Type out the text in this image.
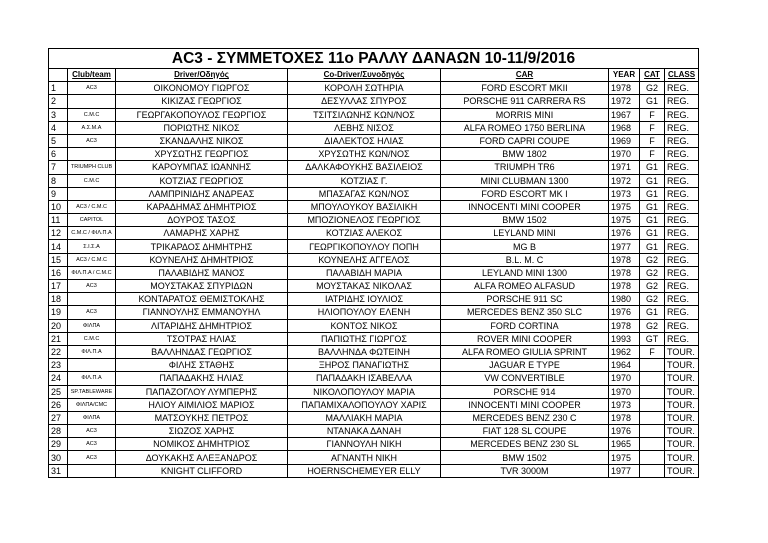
AC3 - ΣΥΜΜΕΤΟΧΕΣ 11ο ΡΑΛΛΥ ΔΑΝΑΩΝ 10-11/9/2016							
	Club/team	Driver/Οδηγός	Co-Driver/Συνοδηγός	CAR	YEAR	CAT	CLASS
1	AC3	ΟΙΚΟΝΟΜΟΥ ΓΙΩΡΓΟΣ	ΚΟΡΟΛΗ ΣΩΤΗΡΙΑ	FORD ESCORT MKII	1978	G2	REG.
2		ΚΙΚΙΖΑΣ ΓΕΩΡΓΙΟΣ	ΔΕΣΥΛΛΑΣ ΣΠΥΡΟΣ	PORSCHE 911 CARRERA RS	1972	G1	REG.
3	C.M.C	ΓΕΩΡΓΑΚΟΠΟΥΛΟΣ ΓΕΩΡΓΙΟΣ	ΤΣΙΤΣΙΛΩΝΗΣ ΚΩΝ/ΝΟΣ	MORRIS MINI	1967	F	REG.
4	Α.Σ.Μ.Α	ΠΟΡΙΩΤΗΣ ΝΙΚΟΣ	ΛΕΒΗΣ ΝΙΣΟΣ	ALFA ROMEO 1750 BERLINA	1968	F	REG.
5	AC3	ΣΚΑΝΔΑΛΗΣ ΝΙΚΟΣ	ΔΙΑΛΕΚΤΟΣ ΗΛΙΑΣ	FORD CAPRI COUPE	1969	F	REG.
6		ΧΡΥΣΩΤΗΣ ΓΕΩΡΓΙΟΣ	ΧΡΥΣΩΤΗΣ ΚΩΝ/ΝΟΣ	BMW 1802	1970	F	REG.
7	TRIUMPH CLUB	ΚΑΡΟΥΜΠΑΣ ΙΩΑΝΝΗΣ	ΔΑΛΚΑΦΟΥΚΗΣ ΒΑΣΙΛΕΙΟΣ	TRIUMPH TR6	1971	G1	REG.
8	C.M.C	ΚΟΤΖΙΑΣ ΓΕΩΡΓΙΟΣ	ΚΟΤΖΙΑΣ Γ.	MINI CLUBMAN 1300	1972	G1	REG.
9		ΛΑΜΠΡΙΝΙΔΗΣ ΑΝΔΡΕΑΣ	ΜΠΑΣΑΓΑΣ ΚΩΝ/ΝΟΣ	FORD ESCORT MK I	1973	G1	REG.
10	AC3 / C.M.C	ΚΑΡΑΔΗΜΑΣ ΔΗΜΗΤΡΙΟΣ	ΜΠΟΥΛΟΥΚΟΥ ΒΑΣΙΛΙΚΗ	INNOCENTI MINI COOPER	1975	G1	REG.
11	CAPITOL	ΔΟΥΡΟΣ ΤΑΣΟΣ	ΜΠΟΖΙΟΝΕΛΟΣ ΓΕΩΡΓΙΟΣ	BMW 1502	1975	G1	REG.
12	C.M.C / ΦΙΛ.Π.Α	ΛΑΜΑΡΗΣ ΧΑΡΗΣ	ΚΟΤΖΙΑΣ ΑΛΕΚΟΣ	LEYLAND MINI	1976	G1	REG.
14	Σ.Ι.Σ.Α	ΤΡΙΚΑΡΔΟΣ ΔΗΜΗΤΡΗΣ	ΓΕΩΡΓΙΚΟΠΟΥΛΟΥ ΠΟΠΗ	MG B	1977	G1	REG.
15	AC3 / C.M.C	ΚΟΥΝΕΛΗΣ ΔΗΜΗΤΡΙΟΣ	ΚΟΥΝΕΛΗΣ ΑΓΓΕΛΟΣ	B.L. M. C	1978	G2	REG.
16	ΦΙΛ.Π.Α / C.M.C	ΠΑΛΑΒΙΔΗΣ ΜΑΝΟΣ	ΠΑΛΑΒΙΔΗ ΜΑΡΙΑ	LEYLAND MINI 1300	1978	G2	REG.
17	AC3	ΜΟΥΣΤΑΚΑΣ ΣΠΥΡΙΔΩΝ	ΜΟΥΣΤΑΚΑΣ ΝΙΚΟΛΑΣ	ALFA ROMEO ALFASUD	1978	G2	REG.
18		ΚΟΝΤΑΡΑΤΟΣ ΘΕΜΙΣΤΟΚΛΗΣ	ΙΑΤΡΙΔΗΣ ΙΟΥΛΙΟΣ	PORSCHE 911 SC	1980	G2	REG.
19	AC3	ΓΙΑΝΝΟΥΛΗΣ ΕΜΜΑΝΟΥΗΛ	ΗΛΙΟΠΟΥΛΟΥ ΕΛΕΝΗ	MERCEDES BENZ 350 SLC	1976	G1	REG.
20	ΦΙΛΠΑ	ΛΙΤΑΡΙΔΗΣ ΔΗΜΗΤΡΙΟΣ	ΚΟΝΤΟΣ ΝΙΚΟΣ	FORD CORTINA	1978	G2	REG.
21	C.M.C	ΤΣΟΤΡΑΣ ΗΛΙΑΣ	ΠΑΠΙΩΤΗΣ ΓΙΩΡΓΟΣ	ROVER MINI COOPER	1993	GT	REG.
22	ΦΙΛ.Π.Α	ΒΑΛΛΗΝΔΑΣ ΓΕΩΡΓΙΟΣ	ΒΑΛΛΗΝΔΑ ΦΩΤΕΙΝΗ	ALFA ROMEO GIULIA SPRINT	1962	F	TOUR.
23		ΦΙΛΗΣ ΣΤΑΘΗΣ	ΞΗΡΟΣ ΠΑΝΑΓΙΩΤΗΣ	JAGUAR E TYPE	1964		TOUR.
24	ΦΙΛ.Π.Α	ΠΑΠΑΔΑΚΗΣ ΗΛΙΑΣ	ΠΑΠΑΔΑΚΗ ΙΣΑΒΕΛΛΑ	VW CONVERTIBLE	1970		TOUR.
25	SP.TABLEWARE	ΠΑΠΑΖΟΓΛΟΥ ΛΥΜΠΕΡΗΣ	ΝΙΚΟΛΟΠΟΥΛΟΥ ΜΑΡΙΑ	PORSCHE 914	1970		TOUR.
26	ΦΙΛΠΑ/CMC	ΗΛΙΟΥ ΑΙΜΙΛΙΟΣ ΜΑΡΙΟΣ	ΠΑΠΑΜΙΧΑΛΟΠΟΥΛΟΥ ΧΑΡΙΣ	INNOCENTI MINI COOPER	1973		TOUR.
27	ΦΙΛΠΑ	ΜΑΤΣΟΥΚΗΣ ΠΕΤΡΟΣ	ΜΑΛΛΙΑΚΗ ΜΑΡΙΑ	MERCEDES BENZ 230 C	1978		TOUR.
28	AC3	ΣΙΩΖΟΣ ΧΑΡΗΣ	ΝΤΑΝΑΚΑ ΔΑΝΑΗ	FIAT 128 SL COUPE	1976		TOUR.
29	AC3	ΝΟΜΙΚΟΣ ΔΗΜΗΤΡΙΟΣ	ΓΙΑΝΝΟΥΛΗ ΝΙΚΗ	MERCEDES BENZ 230 SL	1965		TOUR.
30	AC3	ΔΟΥΚΑΚΗΣ ΑΛΕΞΑΝΔΡΟΣ	ΑΓΝΑΝΤΗ ΝΙΚΗ	BMW 1502	1975		TOUR.
31		KNIGHT CLIFFORD	HOERNSCHEMEYER ELLY	TVR 3000M	1977		TOUR.
